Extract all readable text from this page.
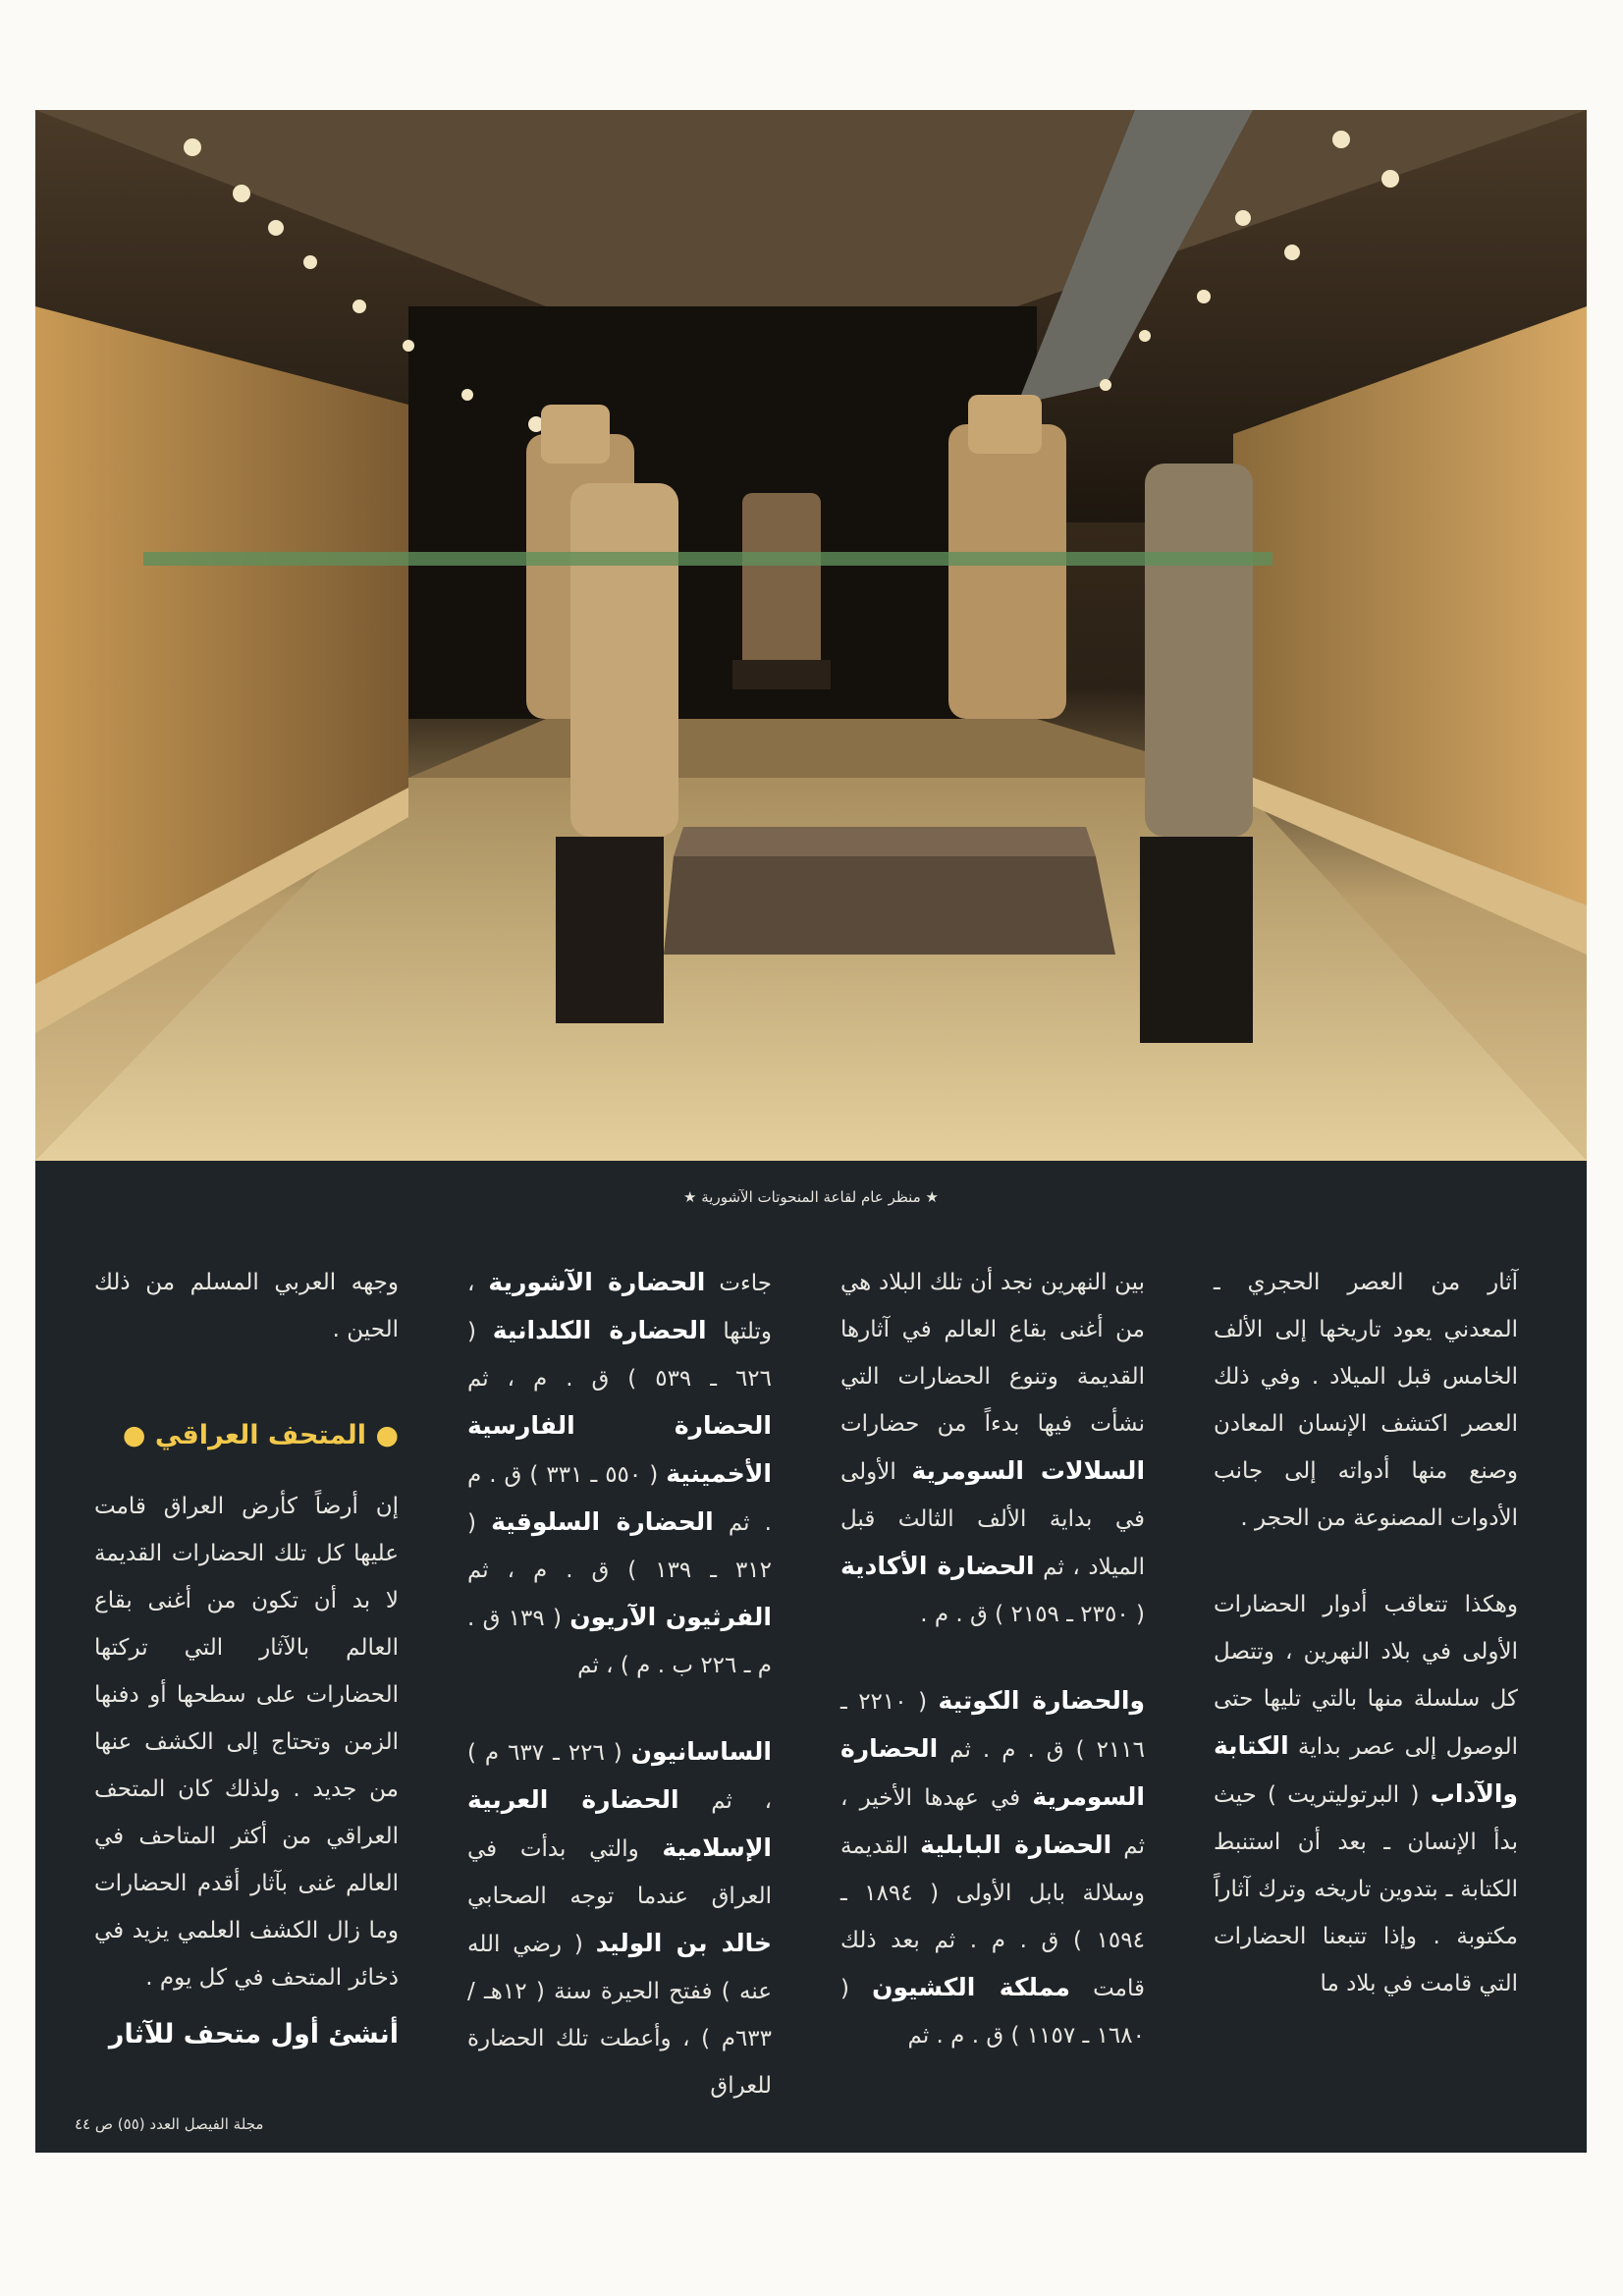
★ منظر عام لقاعة المنحوتات الآشورية ★

آثار من العصر الحجري ـ المعدني يعود تاريخها إلى الألف الخامس قبل الميلاد . وفي ذلك العصر اكتشف الإنسان المعادن وصنع منها أدواته إلى جانب الأدوات المصنوعة من الحجر .

وهكذا تتعاقب أدوار الحضارات الأولى في بلاد النهرين ، وتتصل كل سلسلة منها بالتي تليها حتى الوصول إلى عصر بداية الكتابة والآداب ( البرتوليتريت ) حيث بدأ الإنسان ـ بعد أن استنبط الكتابة ـ بتدوين تاريخه وترك آثاراً مكتوبة . وإذا تتبعنا الحضارات التي قامت في بلاد ما

بين النهرين نجد أن تلك البلاد هي من أغنى بقاع العالم في آثارها القديمة وتنوع الحضارات التي نشأت فيها بدءاً من حضارات السلالات السومرية الأولى في بداية الألف الثالث قبل الميلاد ، ثم الحضارة الأكادية ( ٢٣٥٠ ـ ٢١٥٩ ) ق . م .

والحضارة الكوتية ( ٢٢١٠ ـ ٢١١٦ ) ق . م . ثم الحضارة السومرية في عهدها الأخير ، ثم الحضارة البابلية القديمة وسلالة بابل الأولى ( ١٨٩٤ ـ ١٥٩٤ ) ق . م . ثم بعد ذلك قامت مملكة الكشيون ( ١٦٨٠ ـ ١١٥٧ ) ق . م . ثم

جاءت الحضارة الآشورية ، وتلتها الحضارة الكلدانية ( ٦٢٦ ـ ٥٣٩ ) ق . م ، ثم الحضارة الفارسية الأخمينية ( ٥٥٠ ـ ٣٣١ ) ق . م . ثم الحضارة السلوقية ( ٣١٢ ـ ١٣٩ ) ق . م ، ثم الفرثيون الآريون ( ١٣٩ ق . م ـ ٢٢٦ ب . م ) ، ثم

الساسانيون ( ٢٢٦ ـ ٦٣٧ م ) ، ثم الحضارة العربية الإسلامية والتي بدأت في العراق عندما توجه الصحابي خالد بن الوليد ( رضي الله عنه ) ففتح الحيرة سنة ( ١٢هـ / ٦٣٣م ) ، وأعطت تلك الحضارة للعراق

وجهه العربي المسلم من ذلك الحين .

● المتحف العراقي ●

إن أرضاً كأرض العراق قامت عليها كل تلك الحضارات القديمة لا بد أن تكون من أغنى بقاع العالم بالآثار التي تركتها الحضارات على سطحها أو دفنها الزمن وتحتاج إلى الكشف عنها من جديد . ولذلك كان المتحف العراقي من أكثر المتاحف في العالم غنى بآثار أقدم الحضارات وما زال الكشف العلمي يزيد في ذخائر المتحف في كل يوم .

أنشئ أول متحف للآثار
مجلة الفيصل العدد (٥٥) ص ٤٤
